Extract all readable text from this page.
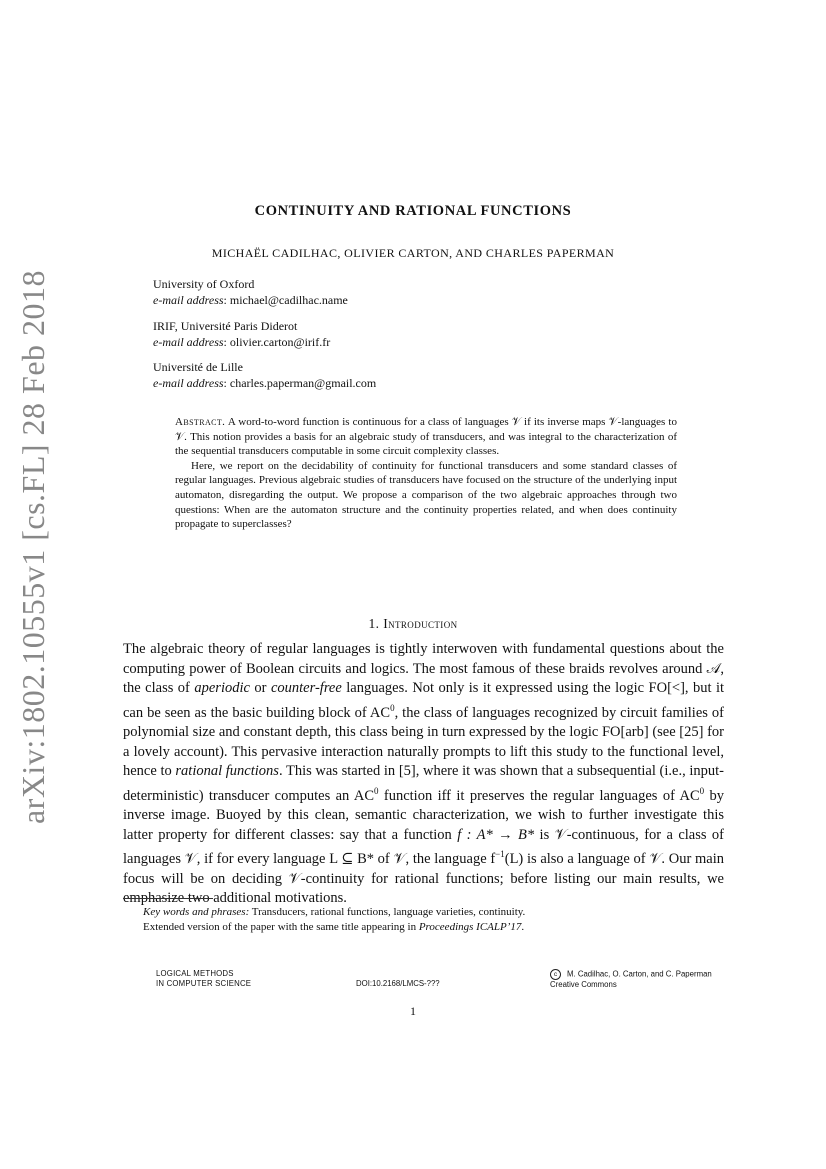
arXiv:1802.10555v1 [cs.FL] 28 Feb 2018
CONTINUITY AND RATIONAL FUNCTIONS
MICHAËL CADILHAC, OLIVIER CARTON, AND CHARLES PAPERMAN
University of Oxford
e-mail address: michael@cadilhac.name
IRIF, Université Paris Diderot
e-mail address: olivier.carton@irif.fr
Université de Lille
e-mail address: charles.paperman@gmail.com

Abstract. A word-to-word function is continuous for a class of languages 𝒱 if its inverse maps 𝒱-languages to 𝒱. This notion provides a basis for an algebraic study of transducers, and was integral to the characterization of the sequential transducers computable in some circuit complexity classes.

Here, we report on the decidability of continuity for functional transducers and some standard classes of regular languages. Previous algebraic studies of transducers have focused on the structure of the underlying input automaton, disregarding the output. We propose a comparison of the two algebraic approaches through two questions: When are the automaton structure and the continuity properties related, and when does continuity propagate to superclasses?

1. Introduction
The algebraic theory of regular languages is tightly interwoven with fundamental questions about the computing power of Boolean circuits and logics. The most famous of these braids revolves around 𝒜, the class of aperiodic or counter-free languages. Not only is it expressed using the logic FO[<], but it can be seen as the basic building block of $AC^0$, the class of languages recognized by circuit families of polynomial size and constant depth, this class being in turn expressed by the logic FO[arb] (see [25] for a lovely account). This pervasive interaction naturally prompts to lift this study to the functional level, hence to rational functions. This was started in [5], where it was shown that a subsequential (i.e., input-deterministic) transducer computes an $AC^0$ function iff it preserves the regular languages of $AC^0$ by inverse image. Buoyed by this clean, semantic characterization, we wish to further investigate this latter property for different classes: say that a function f : A* → B* is 𝒱-continuous, for a class of languages 𝒱, if for every language L ⊆ B* of 𝒱, the language $f^{-1}(L)$ is also a language of 𝒱. Our main focus will be on deciding 𝒱-continuity for rational functions; before listing our main results, we emphasize two additional motivations.
Key words and phrases: Transducers, rational functions, language varieties, continuity.
Extended version of the paper with the same title appearing in Proceedings ICALP’17.
LOGICAL METHODS
IN COMPUTER SCIENCE	DOI:10.2168/LMCS-???
c M. Cadilhac, O. Carton, and C. Paperman
Creative Commons
1
